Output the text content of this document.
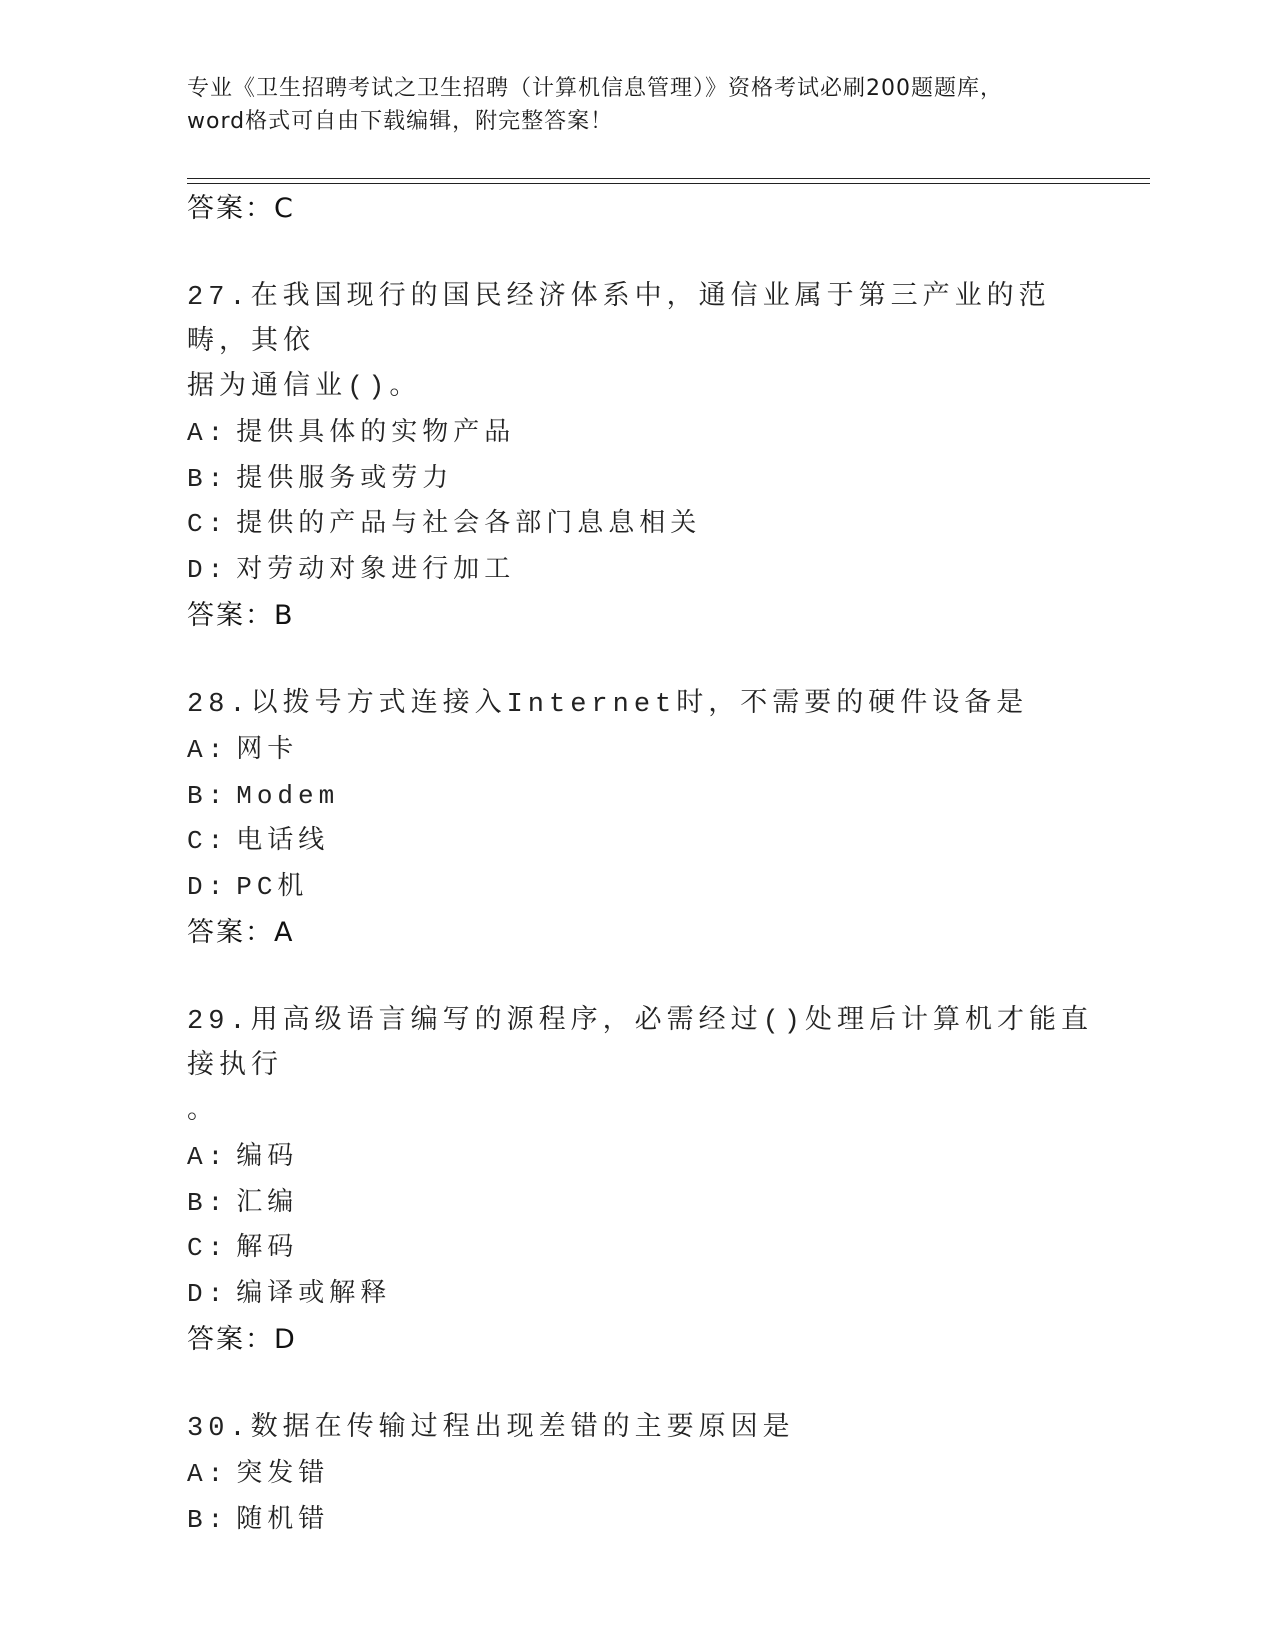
专业《卫生招聘考试之卫生招聘（计算机信息管理）》资格考试必刷200题题库，
word格式可自由下载编辑，附完整答案！
答案：C
27.在我国现行的国民经济体系中，通信业属于第三产业的范畴，其依
据为通信业()。
A: 提供具体的实物产品
B: 提供服务或劳力
C: 提供的产品与社会各部门息息相关
D: 对劳动对象进行加工
答案：B
28.以拨号方式连接入Internet时，不需要的硬件设备是
A: 网卡
B: Modem
C: 电话线
D: PC机
答案：A
29.用高级语言编写的源程序，必需经过()处理后计算机才能直接执行
。
A: 编码
B: 汇编
C: 解码
D: 编译或解释
答案：D
30.数据在传输过程出现差错的主要原因是
A: 突发错
B: 随机错
